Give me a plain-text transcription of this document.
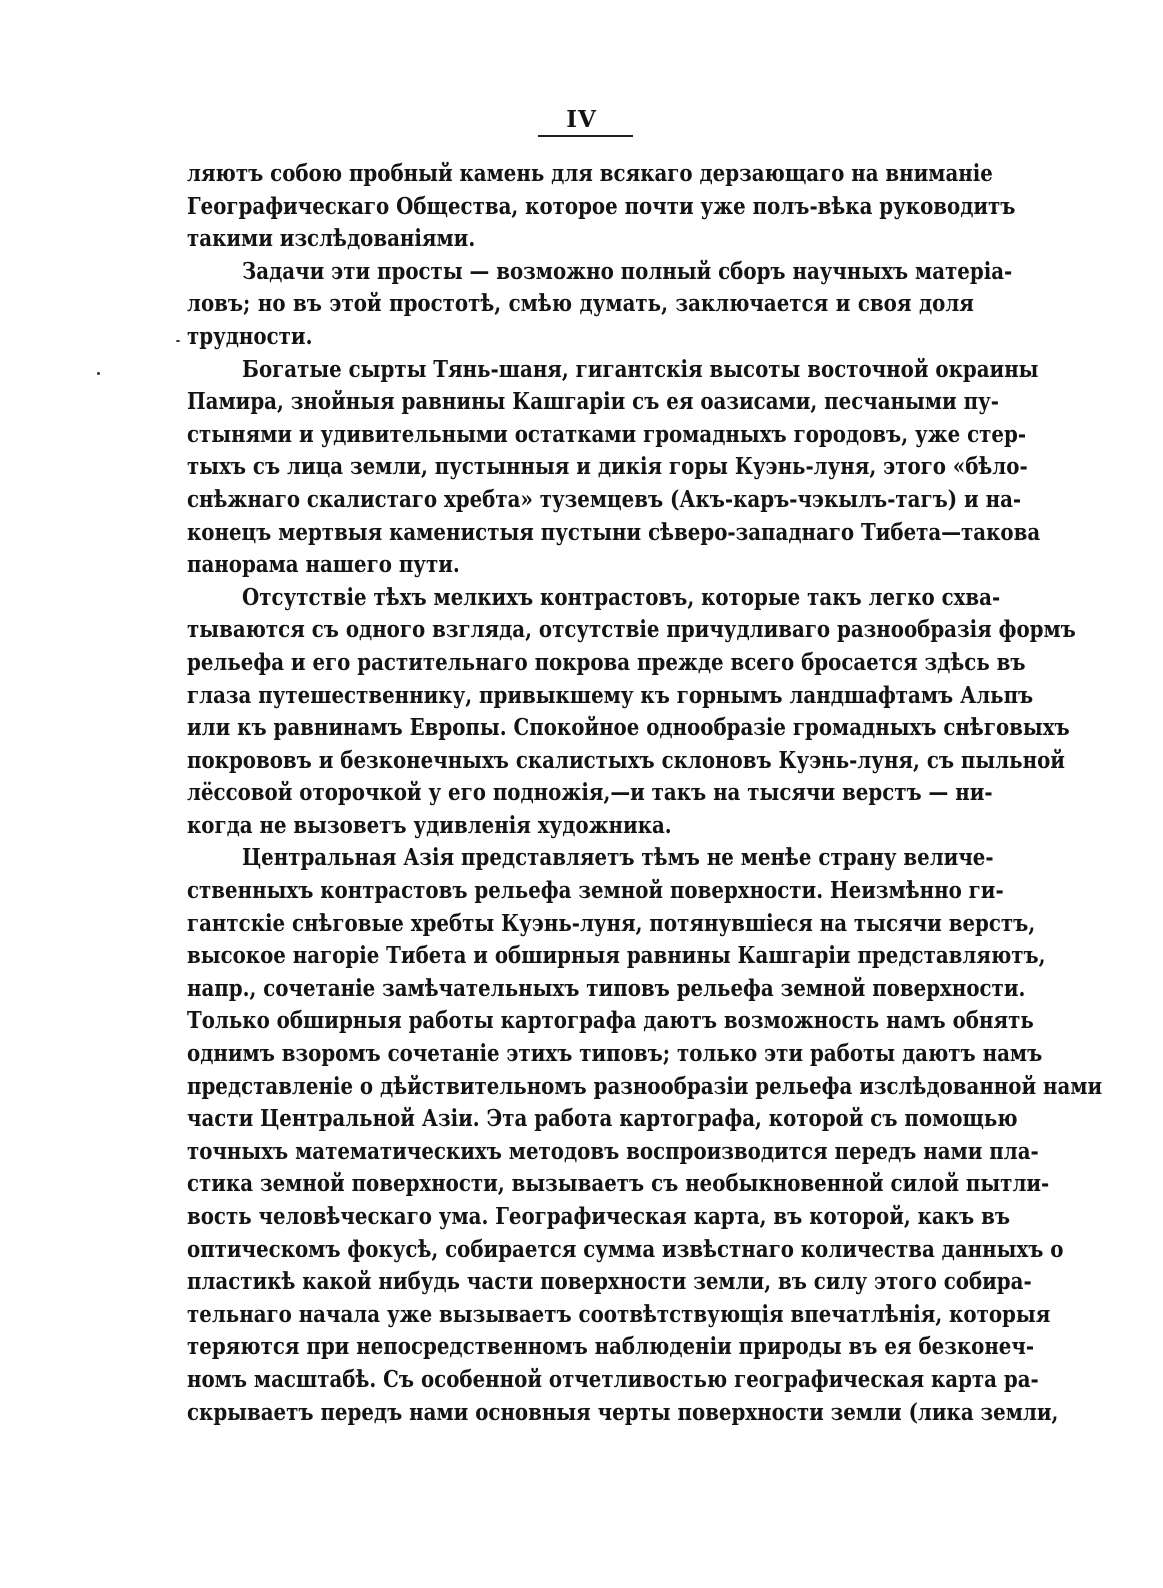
IV
ляютъ собою пробный камень для всякаго дерзающаго на вниманіе
Географическаго Общества, которое почти уже полъ-вѣка руководитъ
такими изслѣдованіями.
Задачи эти просты — возможно полный сборъ научныхъ матеріа-
ловъ; но въ этой простотѣ, смѣю думать, заключается и своя доля
трудности.
Богатые сырты Тянь-шаня, гигантскія высоты восточной окраины
Памира, знойныя равнины Кашгаріи съ ея оазисами, песчаными пу-
стынями и удивительными остатками громадныхъ городовъ, уже стер-
тыхъ съ лица земли, пустынныя и дикія горы Куэнь-луня, этого «бѣло-
снѣжнаго скалистаго хребта» туземцевъ (Акъ-каръ-чэкылъ-тагъ) и на-
конецъ мертвыя каменистыя пустыни сѣверо-западнаго Тибета—такова
панорама нашего пути.
Отсутствіе тѣхъ мелкихъ контрастовъ, которые такъ легко схва-
тываются съ одного взгляда, отсутствіе причудливаго разнообразія формъ
рельефа и его растительнаго покрова прежде всего бросается здѣсь въ
глаза путешественнику, привыкшему къ горнымъ ландшафтамъ Альпъ
или къ равнинамъ Европы. Спокойное однообразіе громадныхъ снѣговыхъ
покрововъ и безконечныхъ скалистыхъ склоновъ Куэнь-луня, съ пыльной
лёссовой оторочкой у его подножія,—и такъ на тысячи верстъ — ни-
когда не вызоветъ удивленія художника.
Центральная Азія представляетъ тѣмъ не менѣе страну величе-
ственныхъ контрастовъ рельефа земной поверхности. Неизмѣнно ги-
гантскіе снѣговые хребты Куэнь-луня, потянувшіеся на тысячи верстъ,
высокое нагоріе Тибета и обширныя равнины Кашгаріи представляютъ,
напр., сочетаніе замѣчательныхъ типовъ рельефа земной поверхности.
Только обширныя работы картографа даютъ возможность намъ обнять
однимъ взоромъ сочетаніе этихъ типовъ; только эти работы даютъ намъ
представленіе о дѣйствительномъ разнообразіи рельефа изслѣдованной нами
части Центральной Азіи. Эта работа картографа, которой съ помощью
точныхъ математическихъ методовъ воспроизводится передъ нами пла-
стика земной поверхности, вызываетъ съ необыкновенной силой пытли-
вость человѣческаго ума. Географическая карта, въ которой, какъ въ
оптическомъ фокусѣ, собирается сумма извѣстнаго количества данныхъ о
пластикѣ какой нибудь части поверхности земли, въ силу этого собира-
тельнаго начала уже вызываетъ соотвѣтствующія впечатлѣнія, которыя
теряются при непосредственномъ наблюденіи природы въ ея безконеч-
номъ масштабѣ. Съ особенной отчетливостью географическая карта ра-
скрываетъ передъ нами основныя черты поверхности земли (лика земли,
